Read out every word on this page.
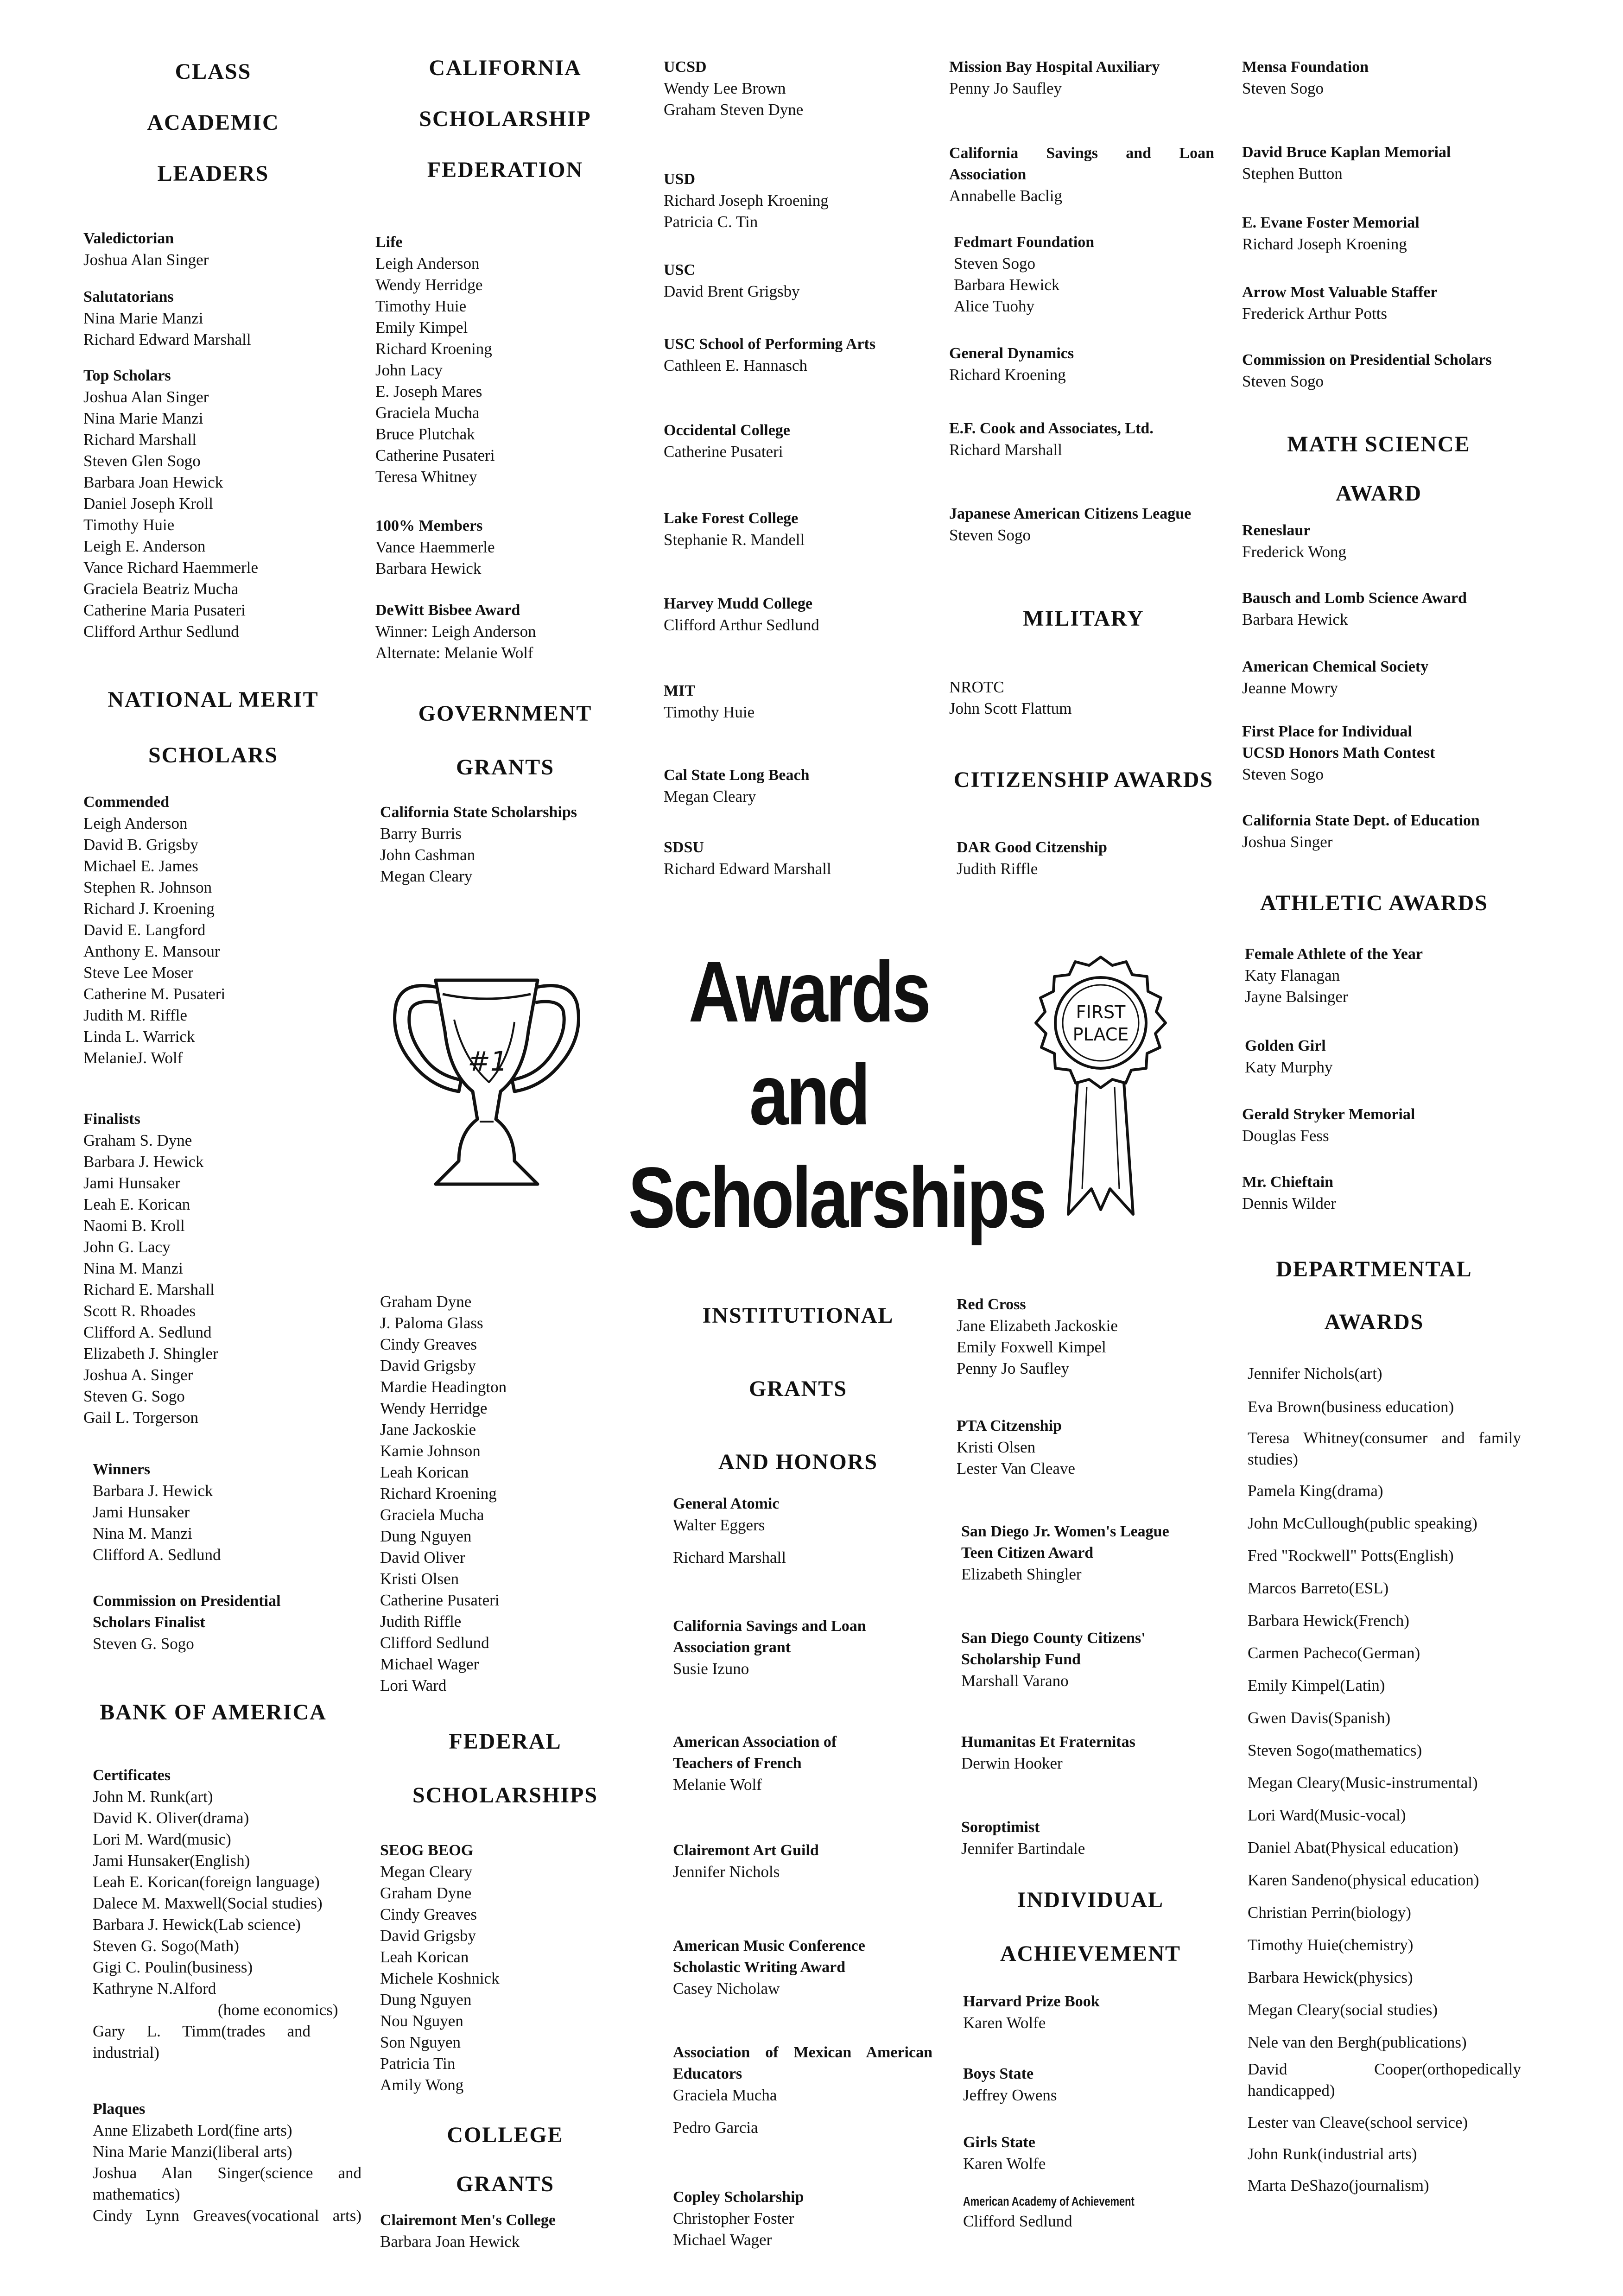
CLASS
ACADEMIC
LEADERS
Valedictorian
Joshua Alan Singer
Salutatorians
Nina Marie Manzi
Richard Edward Marshall
Top Scholars
Joshua Alan Singer
Nina Marie Manzi
Richard Marshall
Steven Glen Sogo
Barbara Joan Hewick
Daniel Joseph Kroll
Timothy Huie
Leigh E. Anderson
Vance Richard Haemmerle
Graciela Beatriz Mucha
Catherine Maria Pusateri
Clifford Arthur Sedlund
NATIONAL MERIT
SCHOLARS
Commended
Leigh Anderson
David B. Grigsby
Michael E. James
Stephen R. Johnson
Richard J. Kroening
David E. Langford
Anthony E. Mansour
Steve Lee Moser
Catherine M. Pusateri
Judith M. Riffle
Linda L. Warrick
MelanieJ. Wolf
Finalists
Graham S. Dyne
Barbara J. Hewick
Jami Hunsaker
Leah E. Korican
Naomi B. Kroll
John G. Lacy
Nina M. Manzi
Richard E. Marshall
Scott R. Rhoades
Clifford A. Sedlund
Elizabeth J. Shingler
Joshua A. Singer
Steven G. Sogo
Gail L. Torgerson
Winners
Barbara J. Hewick
Jami Hunsaker
Nina M. Manzi
Clifford A. Sedlund
Commission on Presidential
Scholars Finalist
Steven G. Sogo
BANK OF AMERICA
Certificates
John M. Runk(art)
David K. Oliver(drama)
Lori M. Ward(music)
Jami Hunsaker(English)
Leah E. Korican(foreign language)
Dalece M. Maxwell(Social studies)
Barbara J. Hewick(Lab science)
Steven G. Sogo(Math)
Gigi C. Poulin(business)
Kathryne N.Alford
(home economics)
Gary L. Timm(trades and industrial)
Plaques
Anne Elizabeth Lord(fine arts)
Nina Marie Manzi(liberal arts)
Joshua Alan Singer(science and mathematics)
Cindy Lynn Greaves(vocational arts)
CALIFORNIA
SCHOLARSHIP
FEDERATION
Life
Leigh Anderson
Wendy Herridge
Timothy Huie
Emily Kimpel
Richard Kroening
John Lacy
E. Joseph Mares
Graciela Mucha
Bruce Plutchak
Catherine Pusateri
Teresa Whitney
100% Members
Vance Haemmerle
Barbara Hewick
DeWitt Bisbee Award
Winner: Leigh Anderson
Alternate: Melanie Wolf
GOVERNMENT
GRANTS
California State Scholarships
Barry Burris
John Cashman
Megan Cleary
Graham Dyne
J. Paloma Glass
Cindy Greaves
David Grigsby
Mardie Headington
Wendy Herridge
Jane Jackoskie
Kamie Johnson
Leah Korican
Richard Kroening
Graciela Mucha
Dung Nguyen
David Oliver
Kristi Olsen
Catherine Pusateri
Judith Riffle
Clifford Sedlund
Michael Wager
Lori Ward
FEDERAL
SCHOLARSHIPS
SEOG BEOG
Megan Cleary
Graham Dyne
Cindy Greaves
David Grigsby
Leah Korican
Michele Koshnick
Dung Nguyen
Nou Nguyen
Son Nguyen
Patricia Tin
Amily Wong
COLLEGE
GRANTS
Clairemont Men's College
Barbara Joan Hewick
UCSD
Wendy Lee Brown
Graham Steven Dyne
USD
Richard Joseph Kroening
Patricia C. Tin
USC
David Brent Grigsby
USC School of Performing Arts
Cathleen E. Hannasch
Occidental College
Catherine Pusateri
Lake Forest College
Stephanie R. Mandell
Harvey Mudd College
Clifford Arthur Sedlund
MIT
Timothy Huie
Cal State Long Beach
Megan Cleary
SDSU
Richard Edward Marshall
INSTITUTIONAL
GRANTS
AND HONORS
General Atomic
Walter Eggers
Richard Marshall
California Savings and Loan
Association grant
Susie Izuno
American Association of
Teachers of French
Melanie Wolf
Clairemont Art Guild
Jennifer Nichols
American Music Conference
Scholastic Writing Award
Casey Nicholaw
Association of Mexican American
Educators
Graciela Mucha
Pedro Garcia
Copley Scholarship
Christopher Foster
Michael Wager
Mission Bay Hospital Auxiliary
Penny Jo Saufley
California Savings and Loan
Association
Annabelle Baclig
Fedmart Foundation
Steven Sogo
Barbara Hewick
Alice Tuohy
General Dynamics
Richard Kroening
E.F. Cook and Associates, Ltd.
Richard Marshall
Japanese American Citizens League
Steven Sogo
MILITARY
NROTC
John Scott Flattum
CITIZENSHIP AWARDS
DAR Good Citzenship
Judith Riffle
Red Cross
Jane Elizabeth Jackoskie
Emily Foxwell Kimpel
Penny Jo Saufley
PTA Citzenship
Kristi Olsen
Lester Van Cleave
San Diego Jr. Women's League
Teen Citizen Award
Elizabeth Shingler
San Diego County Citizens'
Scholarship Fund
Marshall Varano
Humanitas Et Fraternitas
Derwin Hooker
Soroptimist
Jennifer Bartindale
INDIVIDUAL
ACHIEVEMENT
Harvard Prize Book
Karen Wolfe
Boys State
Jeffrey Owens
Girls State
Karen Wolfe
American Academy of Achievement
Clifford Sedlund
Mensa Foundation
Steven Sogo
David Bruce Kaplan Memorial
Stephen Button
E. Evane Foster Memorial
Richard Joseph Kroening
Arrow Most Valuable Staffer
Frederick Arthur Potts
Commission on Presidential Scholars
Steven Sogo
MATH SCIENCE
AWARD
Reneslaur
Frederick Wong
Bausch and Lomb Science Award
Barbara Hewick
American Chemical Society
Jeanne Mowry
First Place for Individual
UCSD Honors Math Contest
Steven Sogo
California State Dept. of Education
Joshua Singer
ATHLETIC AWARDS
Female Athlete of the Year
Katy Flanagan
Jayne Balsinger
Golden Girl
Katy Murphy
Gerald Stryker Memorial
Douglas Fess
Mr. Chieftain
Dennis Wilder
DEPARTMENTAL
AWARDS
Jennifer Nichols(art)
Eva Brown(business education)
Teresa Whitney(consumer and family studies)
Pamela King(drama)
John McCullough(public speaking)
Fred "Rockwell" Potts(English)
Marcos Barreto(ESL)
Barbara Hewick(French)
Carmen Pacheco(German)
Emily Kimpel(Latin)
Gwen Davis(Spanish)
Steven Sogo(mathematics)
Megan Cleary(Music-instrumental)
Lori Ward(Music-vocal)
Daniel Abat(Physical education)
Karen Sandeno(physical education)
Christian Perrin(biology)
Timothy Huie(chemistry)
Barbara Hewick(physics)
Megan Cleary(social studies)
Nele van den Bergh(publications)
David Cooper(orthopedically handicapped)
Lester van Cleave(school service)
John Runk(industrial arts)
Marta DeShazo(journalism)
Awards
and
Scholarships
#1
FIRST
PLACE
